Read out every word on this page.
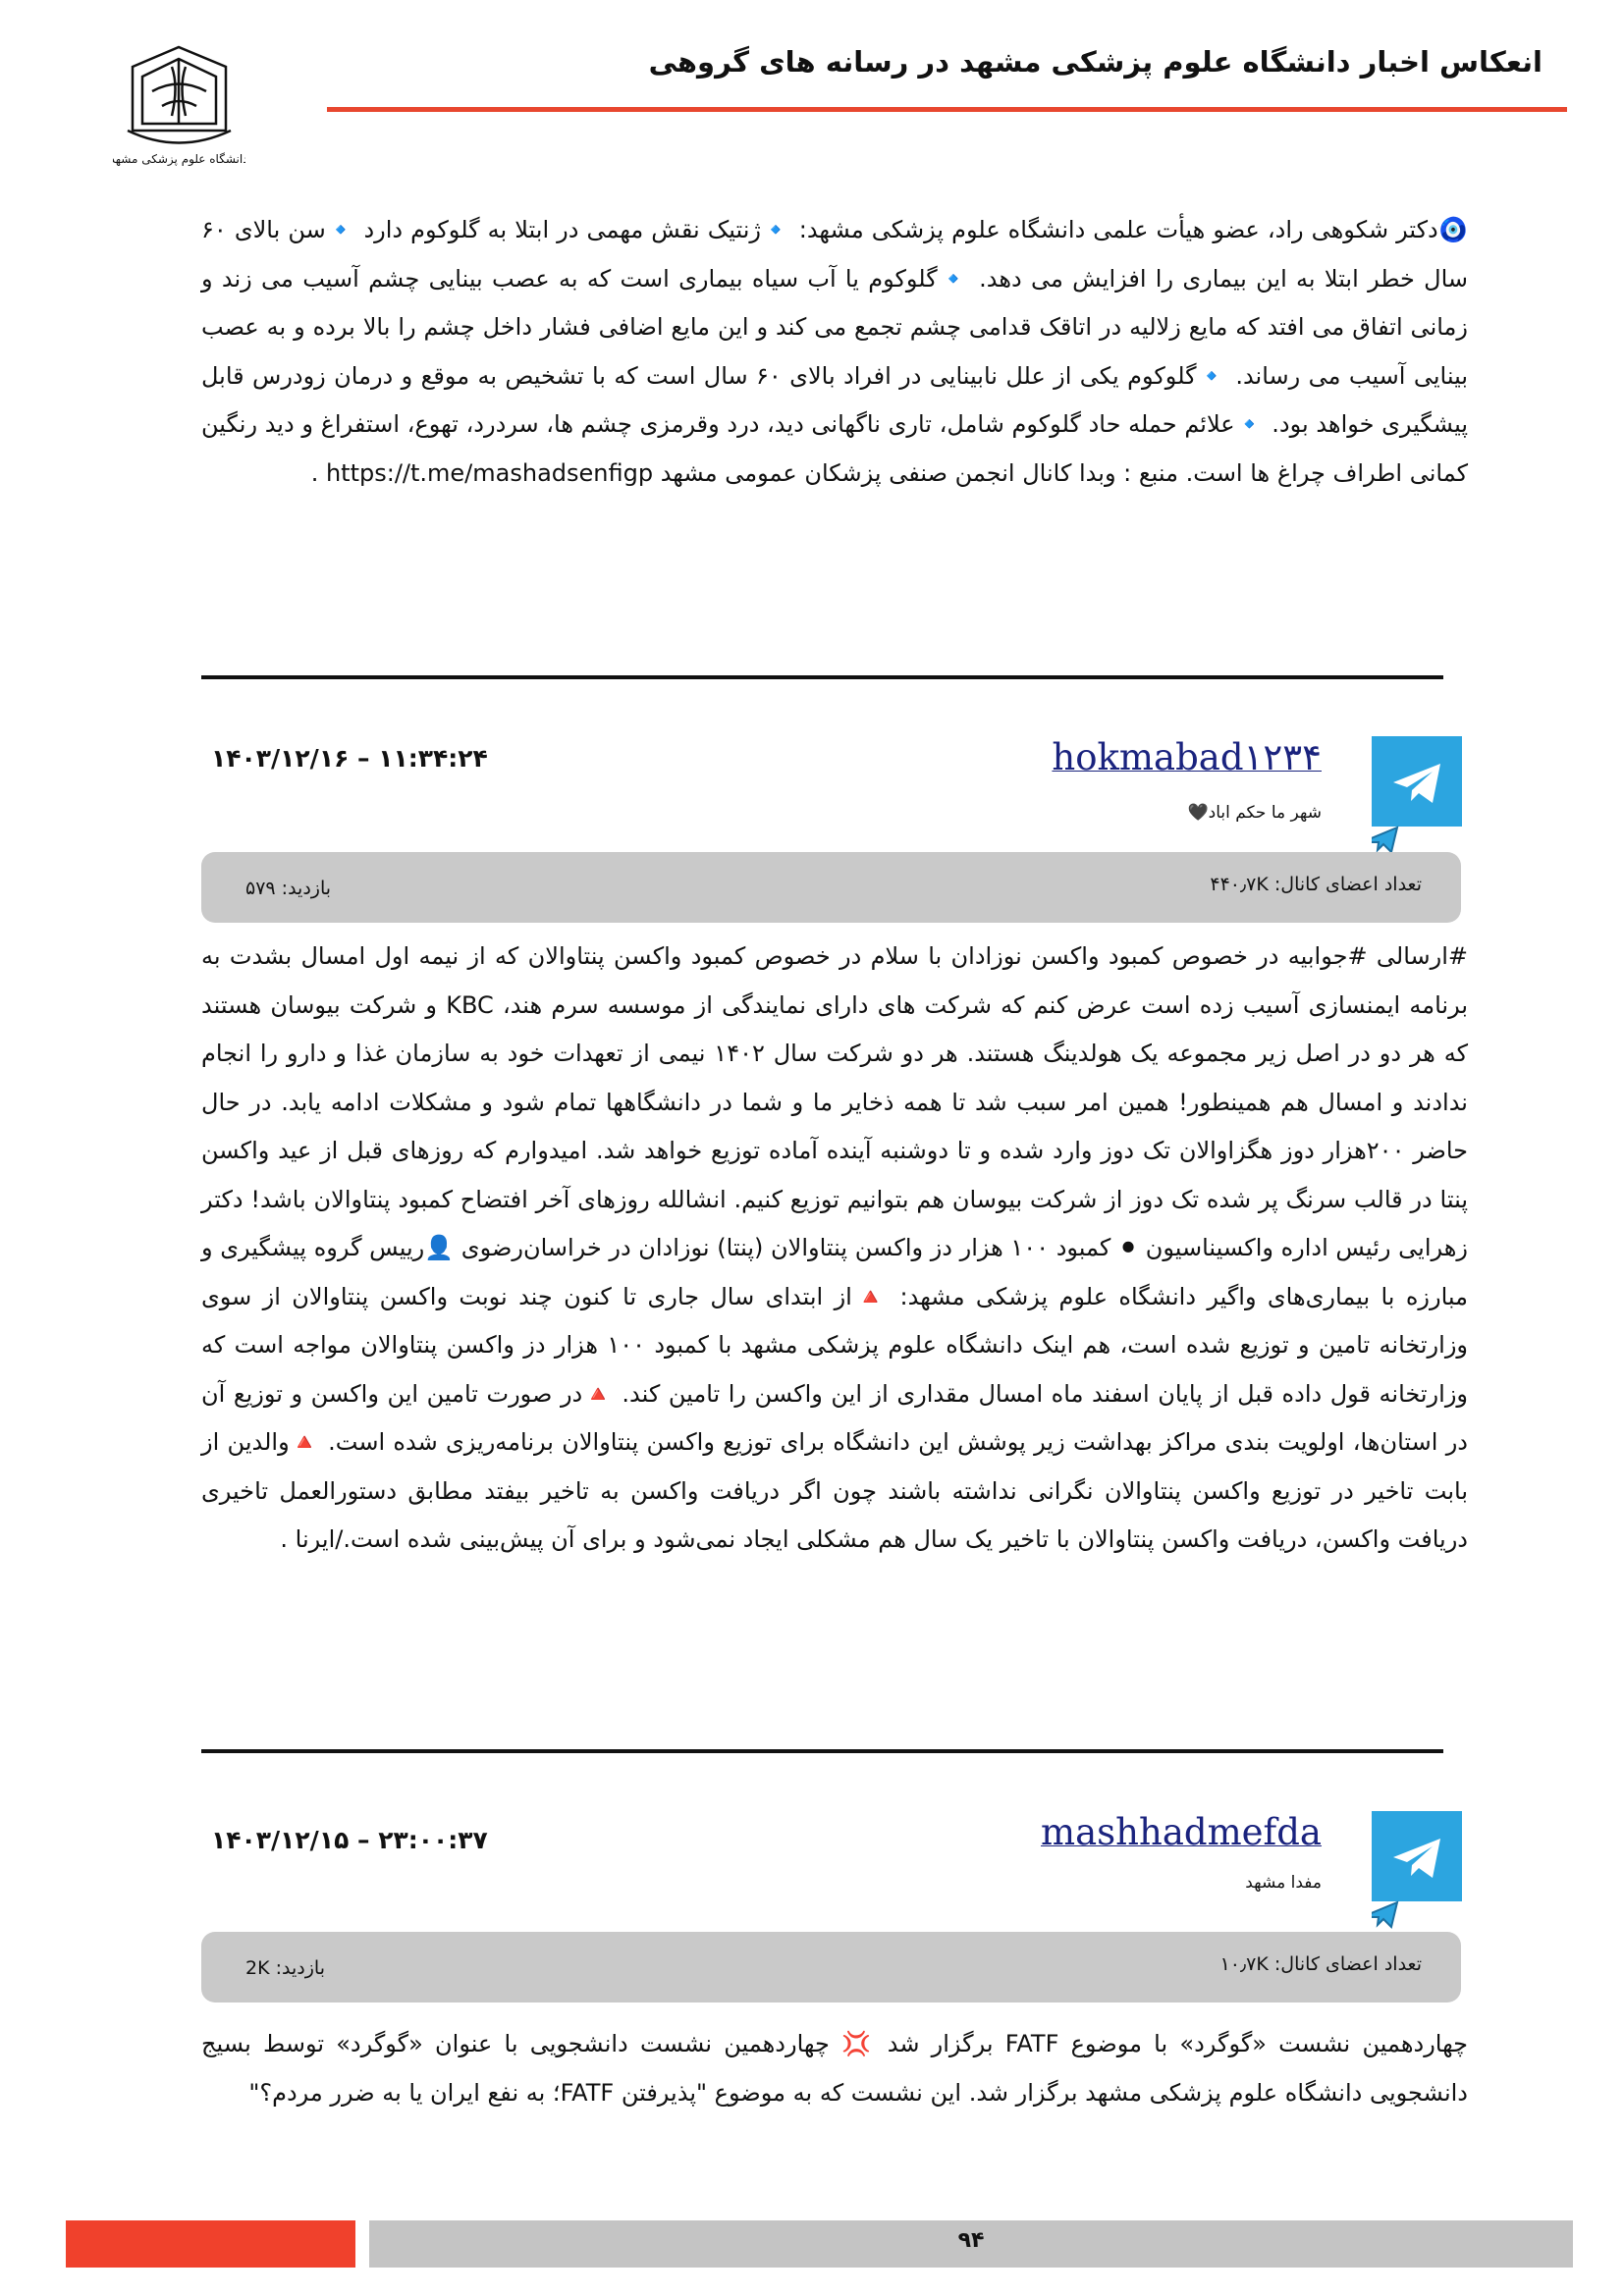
دانشگاه علوم پزشکی مشهد
انعکاس اخبار دانشگاه علوم پزشکی مشهد در رسانه های گروهی
🧿دکتر شکوهی راد، عضو هیأت علمی دانشگاه علوم پزشکی مشهد: 🔹ژنتیک نقش مهمی در ابتلا به گلوکوم دارد 🔹سن بالای ۶۰ سال خطر ابتلا به این بیماری را افزایش می دهد. 🔹گلوکوم یا آب سیاه بیماری است که به عصب بینایی چشم آسیب می زند و زمانی اتفاق می افتد که مایع زلالیه در اتاقک قدامی چشم تجمع می کند و این مایع اضافی فشار داخل چشم را بالا برده و به عصب بینایی آسیب می رساند. 🔹گلوکوم یکی از علل نابینایی در افراد بالای ۶۰ سال است که با تشخیص به موقع و درمان زودرس قابل پیشگیری خواهد بود. 🔹علائم حمله حاد گلوکوم شامل، تاری ناگهانی دید، درد وقرمزی چشم ها، سردرد، تهوع، استفراغ و دید رنگین کمانی اطراف چراغ ها است. منبع : وبدا کانال انجمن صنفی پزشکان عمومی مشهد https://t.me/mashadsenfigp .
hokmabad۱۲۳۴
شهر ما حکم اباد🖤
۱۴۰۳/۱۲/۱۶ – ۱۱:۳۴:۲۴
تعداد اعضای کانال: ۴۴۰٫۷K
بازدید: ۵۷۹
#ارسالی #جوابیه در خصوص کمبود واکسن نوزادان با سلام در خصوص کمبود واکسن پنتاوالان که از نیمه اول امسال بشدت به برنامه ایمنسازی آسیب زده است عرض کنم که شرکت های دارای نمایندگی از موسسه سرم هند، KBC و شرکت بیوسان هستند که هر دو در اصل زیر مجموعه یک هولدینگ هستند. هر دو شرکت سال ۱۴۰۲ نیمی از تعهدات خود به سازمان غذا و دارو را انجام ندادند و امسال هم همینطور! همین امر سبب شد تا همه ذخایر ما و شما در دانشگاهها تمام شود و مشکلات ادامه یابد. در حال حاضر ۲۰۰هزار دوز هگزاوالان تک دوز وارد شده و تا دوشنبه آینده آماده توزیع خواهد شد. امیدوارم که روزهای قبل از عید واکسن پنتا در قالب سرنگ پر شده تک دوز از شرکت بیوسان هم بتوانیم توزیع کنیم. انشالله روزهای آخر افتضاح کمبود پنتاوالان باشد! دکتر زهرایی رئیس اداره واکسیناسیون ⚫ کمبود ۱۰۰ هزار دز واکسن پنتاوالان (پنتا) نوزادان در خراسان‌رضوی 👤رییس گروه پیشگیری و مبارزه با بیماری‌های واگیر دانشگاه علوم پزشکی مشهد: 🔺از ابتدای سال جاری تا کنون چند نوبت واکسن پنتاوالان از سوی وزارتخانه تامین و توزیع شده است، هم اینک دانشگاه علوم پزشکی مشهد با کمبود ۱۰۰ هزار دز واکسن پنتاوالان مواجه است که وزارتخانه قول داده قبل از پایان اسفند ماه امسال مقداری از این واکسن را تامین کند. 🔺در صورت تامین این واکسن و توزیع آن در استان‌ها، اولویت بندی مراکز بهداشت زیر پوشش این دانشگاه برای توزیع واکسن پنتاوالان برنامه‌ریزی شده است. 🔺والدین از بابت تاخیر در توزیع واکسن پنتاوالان نگرانی نداشته باشند چون اگر دریافت واکسن به تاخیر بیفتد مطابق دستورالعمل تاخیری دریافت واکسن، دریافت واکسن پنتاوالان با تاخیر یک سال هم مشکلی ایجاد نمی‌شود و برای آن پیش‌بینی شده است./ایرنا .
mashhadmefda
مفدا مشهد
۱۴۰۳/۱۲/۱۵ – ۲۳:۰۰:۳۷
تعداد اعضای کانال: ۱۰٫۷K
بازدید: 2K
چهاردهمین نشست «گوگرد» با موضوع FATF برگزار شد 💢 چهاردهمین نشست دانشجویی با عنوان «گوگرد» توسط بسیج دانشجویی دانشگاه علوم پزشکی مشهد برگزار شد. این نشست که به موضوع "پذیرفتن FATF؛ به نفع ایران یا به ضرر مردم؟"
۹۴
